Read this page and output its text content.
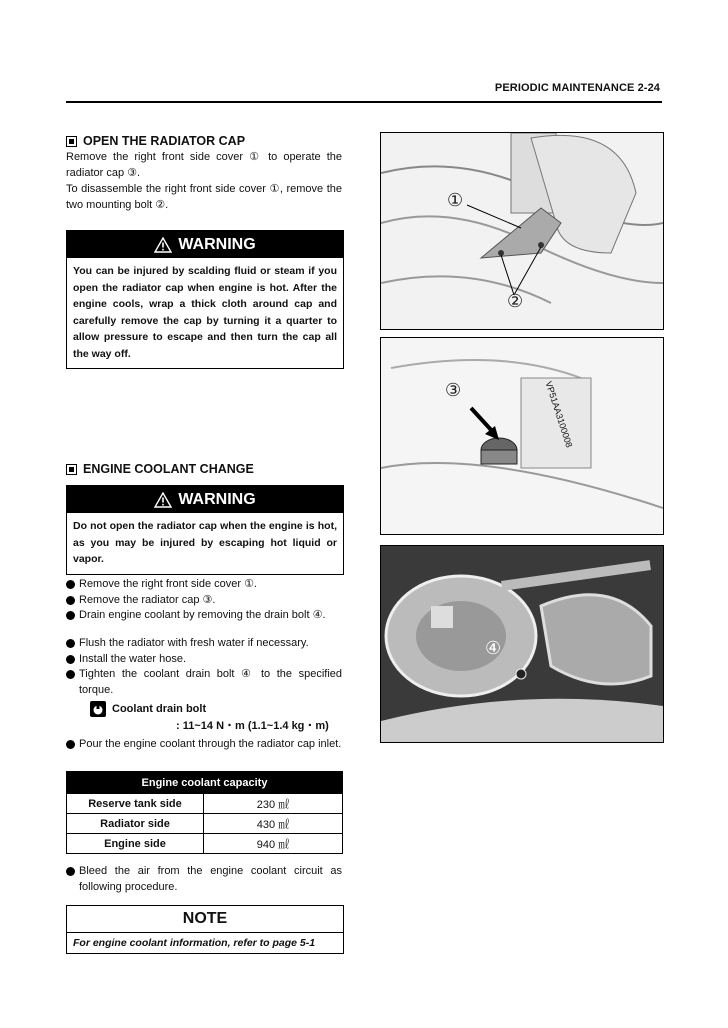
PERIODIC MAINTENANCE 2-24
OPEN THE RADIATOR CAP
Remove the right front side cover ① to operate the radiator cap ③.
To disassemble the right front side cover ①, remove the two mounting bolt ②.
WARNING
You can be injured by scalding fluid or steam if you open the radiator cap when engine is hot. After the engine cools, wrap a thick cloth around cap and carefully remove the cap by turning it a quarter to allow pressure to escape and then turn the cap all the way off.
ENGINE COOLANT CHANGE
WARNING
Do not open the radiator cap when the engine is hot, as you may be injured by escaping hot liquid or vapor.
Remove the right front side cover ①.
Remove the radiator cap ③.
Drain engine coolant by removing the drain bolt ④.
Flush the radiator with fresh water if necessary.
Install the water hose.
Tighten the coolant drain bolt ④ to the specified torque.
Coolant drain bolt
: 11~14 N・m (1.1~1.4 kg・m)
Pour the engine coolant through the radiator cap inlet.
Engine coolant capacity	
Reserve tank side	230 ㎖
Radiator side	430 ㎖
Engine side	940 ㎖
Bleed the air from the engine coolant circuit as following procedure.
NOTE
For engine coolant information, refer to page 5-1
①
②
③	VP51AA3100008
④
